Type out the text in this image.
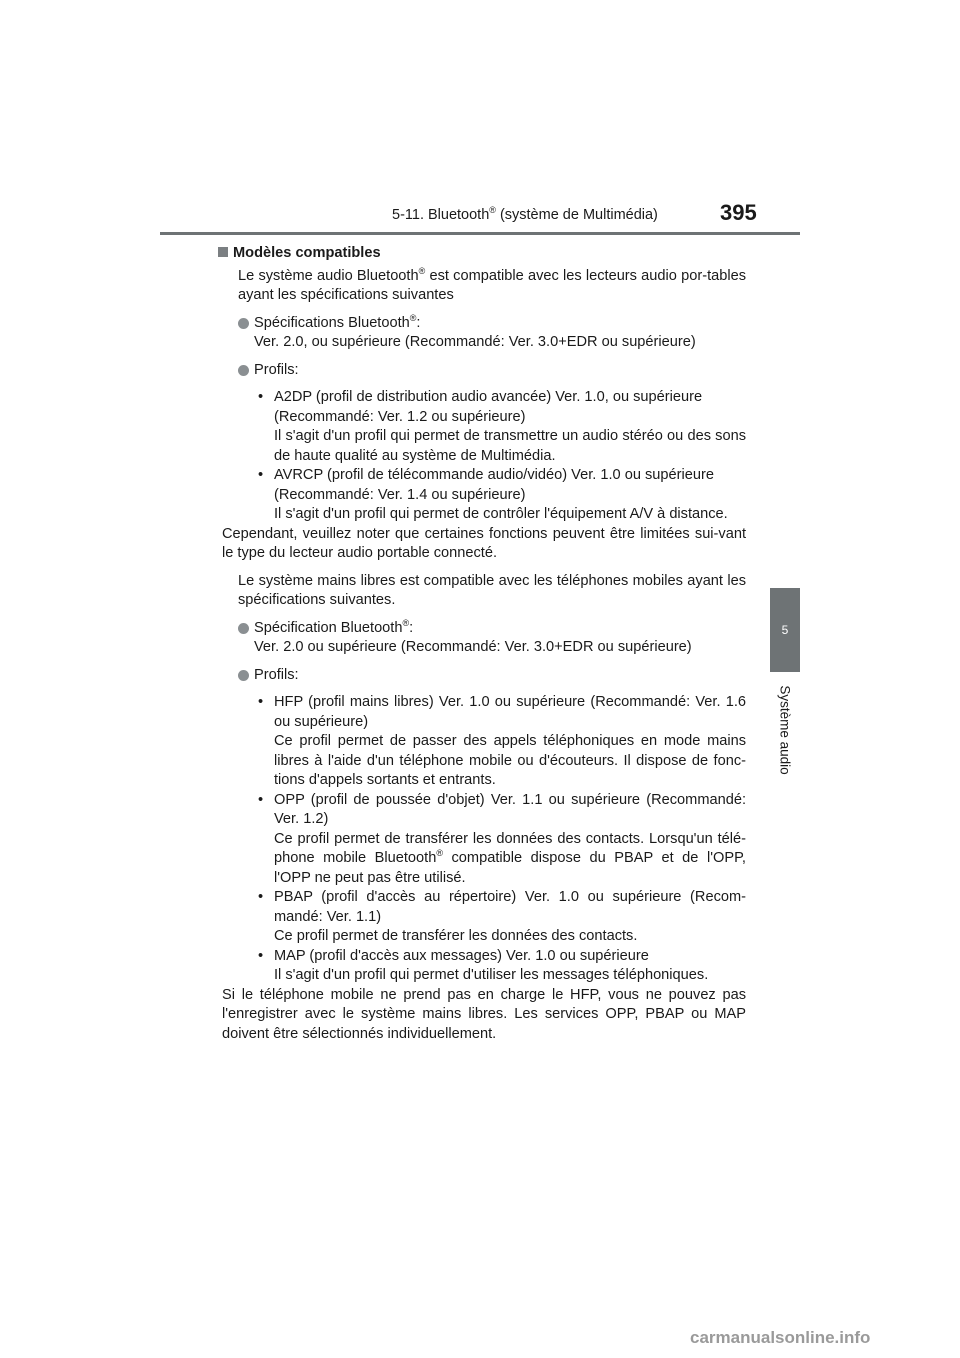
5-11. Bluetooth® (système de Multimédia)	395
5
Système audio

Modèles compatibles

Le système audio Bluetooth® est compatible avec les lecteurs audio por-tables ayant les spécifications suivantes

Spécifications Bluetooth®:
Ver. 2.0, ou supérieure (Recommandé: Ver. 3.0+EDR ou supérieure)

Profils:

• A2DP (profil de distribution audio avancée) Ver. 1.0, ou supérieure
(Recommandé: Ver. 1.2 ou supérieure)
Il s'agit d'un profil qui permet de transmettre un audio stéréo ou des sons de haute qualité au système de Multimédia.

• AVRCP (profil de télécommande audio/vidéo) Ver. 1.0 ou supérieure
(Recommandé: Ver. 1.4 ou supérieure)
Il s'agit d'un profil qui permet de contrôler l'équipement A/V à distance.

Cependant, veuillez noter que certaines fonctions peuvent être limitées sui-vant le type du lecteur audio portable connecté.

Le système mains libres est compatible avec les téléphones mobiles ayant les spécifications suivantes.

Spécification Bluetooth®:
Ver. 2.0 ou supérieure (Recommandé: Ver. 3.0+EDR ou supérieure)

Profils:

• HFP (profil mains libres) Ver. 1.0 ou supérieure (Recommandé: Ver. 1.6 ou supérieure)
Ce profil permet de passer des appels téléphoniques en mode mains libres à l'aide d'un téléphone mobile ou d'écouteurs. Il dispose de fonc-tions d'appels sortants et entrants.

• OPP (profil de poussée d'objet) Ver. 1.1 ou supérieure (Recommandé: Ver. 1.2)
Ce profil permet de transférer les données des contacts. Lorsqu'un télé-phone mobile Bluetooth® compatible dispose du PBAP et de l'OPP, l'OPP ne peut pas être utilisé.

• PBAP (profil d'accès au répertoire) Ver. 1.0 ou supérieure (Recom-mandé: Ver. 1.1)
Ce profil permet de transférer les données des contacts.

• MAP (profil d'accès aux messages) Ver. 1.0 ou supérieure
Il s'agit d'un profil qui permet d'utiliser les messages téléphoniques.

Si le téléphone mobile ne prend pas en charge le HFP, vous ne pouvez pas l'enregistrer avec le système mains libres. Les services OPP, PBAP ou MAP doivent être sélectionnés individuellement.

carmanualsonline.info
